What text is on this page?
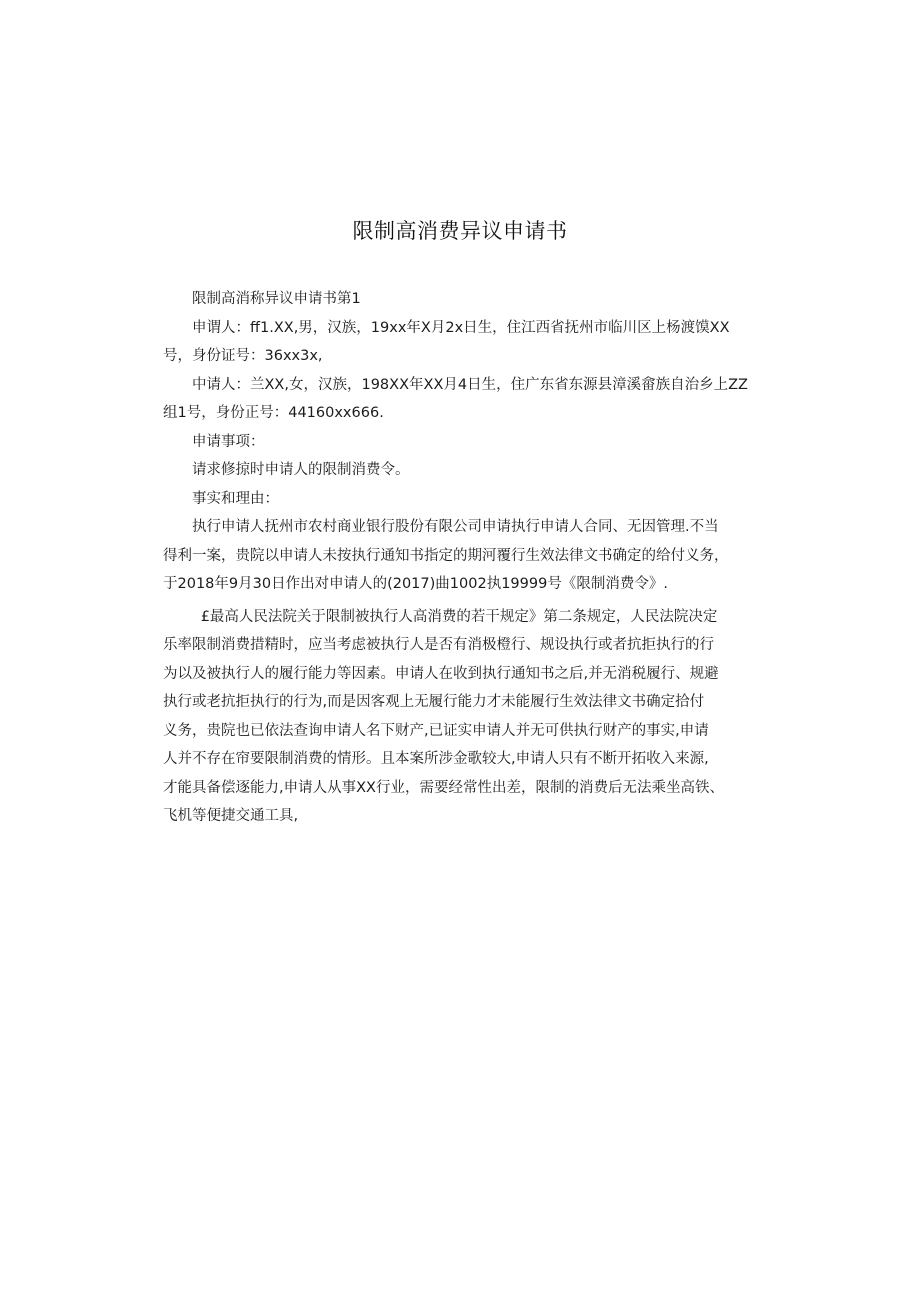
限制高消费异议申请书
限制高消称异议申请书第1
申谓人：ff1.XX,男，汉族，19xx年X月2x日生，住江西省抚州市临川区上杨渡馍XX
号，身份证号：36xx3x,
中请人：兰XX,女，汉族，198XX年XX月4日生，住广东省东源县漳溪畲族自治乡上ZZ
组1号，身份正号：44160xx666.
申请事项：
请求修掠时申请人的限制消费令。
事实和理由：
执行申请人抚州市农村商业银行股份有限公司申请执行申请人合同、无因管理.不当
得利一案，贵院以申请人未按执行通知书指定的期河覆行生效法律文书确定的给付义务，
于2018年9月30日作出对申请人的(2017)曲1002执19999号《限制消费令》.
£最高人民法院关于限制被执行人高消费的若干规定》第二条规定，人民法院决定
乐率限制消费措精时，应当考虑被执行人是否有消极橙行、规设执行或者抗拒执行的行
为以及被执行人的履行能力等因素。申请人在收到执行通知书之后,并无消税履行、规避
执行或老抗拒执行的行为,而是因客观上无履行能力才未能履行生效法律文书确定拾付
义务，贵院也已依法查询申请人名下财产,已证实申请人并无可供执行财产的事实,申请
人并不存在帘要限制消费的情形。且本案所涉金歌较大,申请人只有不断开拓收入来源,
才能具备偿逐能力,申请人从事XX行业，需要经常性出差，限制的消费后无法乘坐高铁、
飞机等便捷交通工具,
